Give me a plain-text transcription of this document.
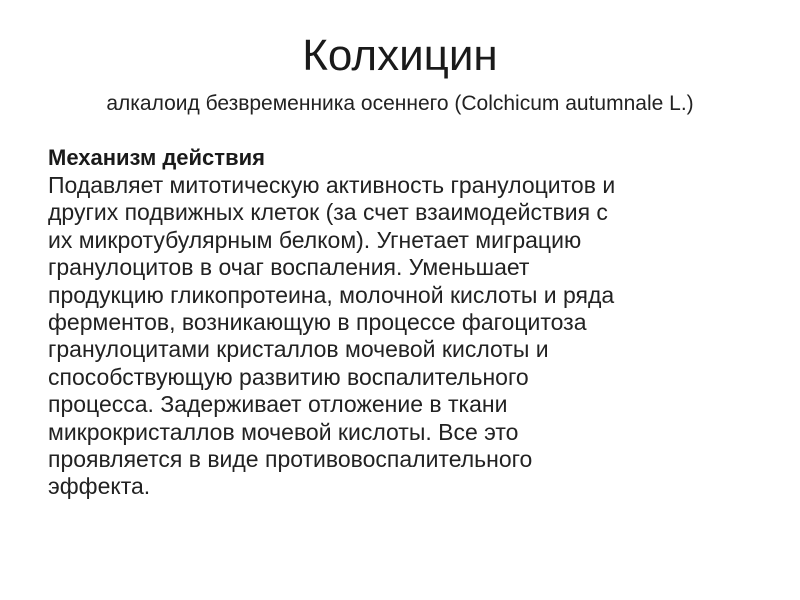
Колхицин
алкалоид безвременника осеннего (Colchicum autumnale L.)
Механизм действия
Подавляет митотическую активность гранулоцитов и
других подвижных клеток (за счет взаимодействия с
их микротубулярным белком). Угнетает миграцию
гранулоцитов в очаг воспаления. Уменьшает
продукцию гликопротеина, молочной кислоты и ряда
ферментов, возникающую в процессе фагоцитоза
гранулоцитами кристаллов мочевой кислоты и
способствующую развитию воспалительного
процесса. Задерживает отложение в ткани
микрокристаллов мочевой кислоты. Все это
проявляется в виде противовоспалительного
эффекта.
